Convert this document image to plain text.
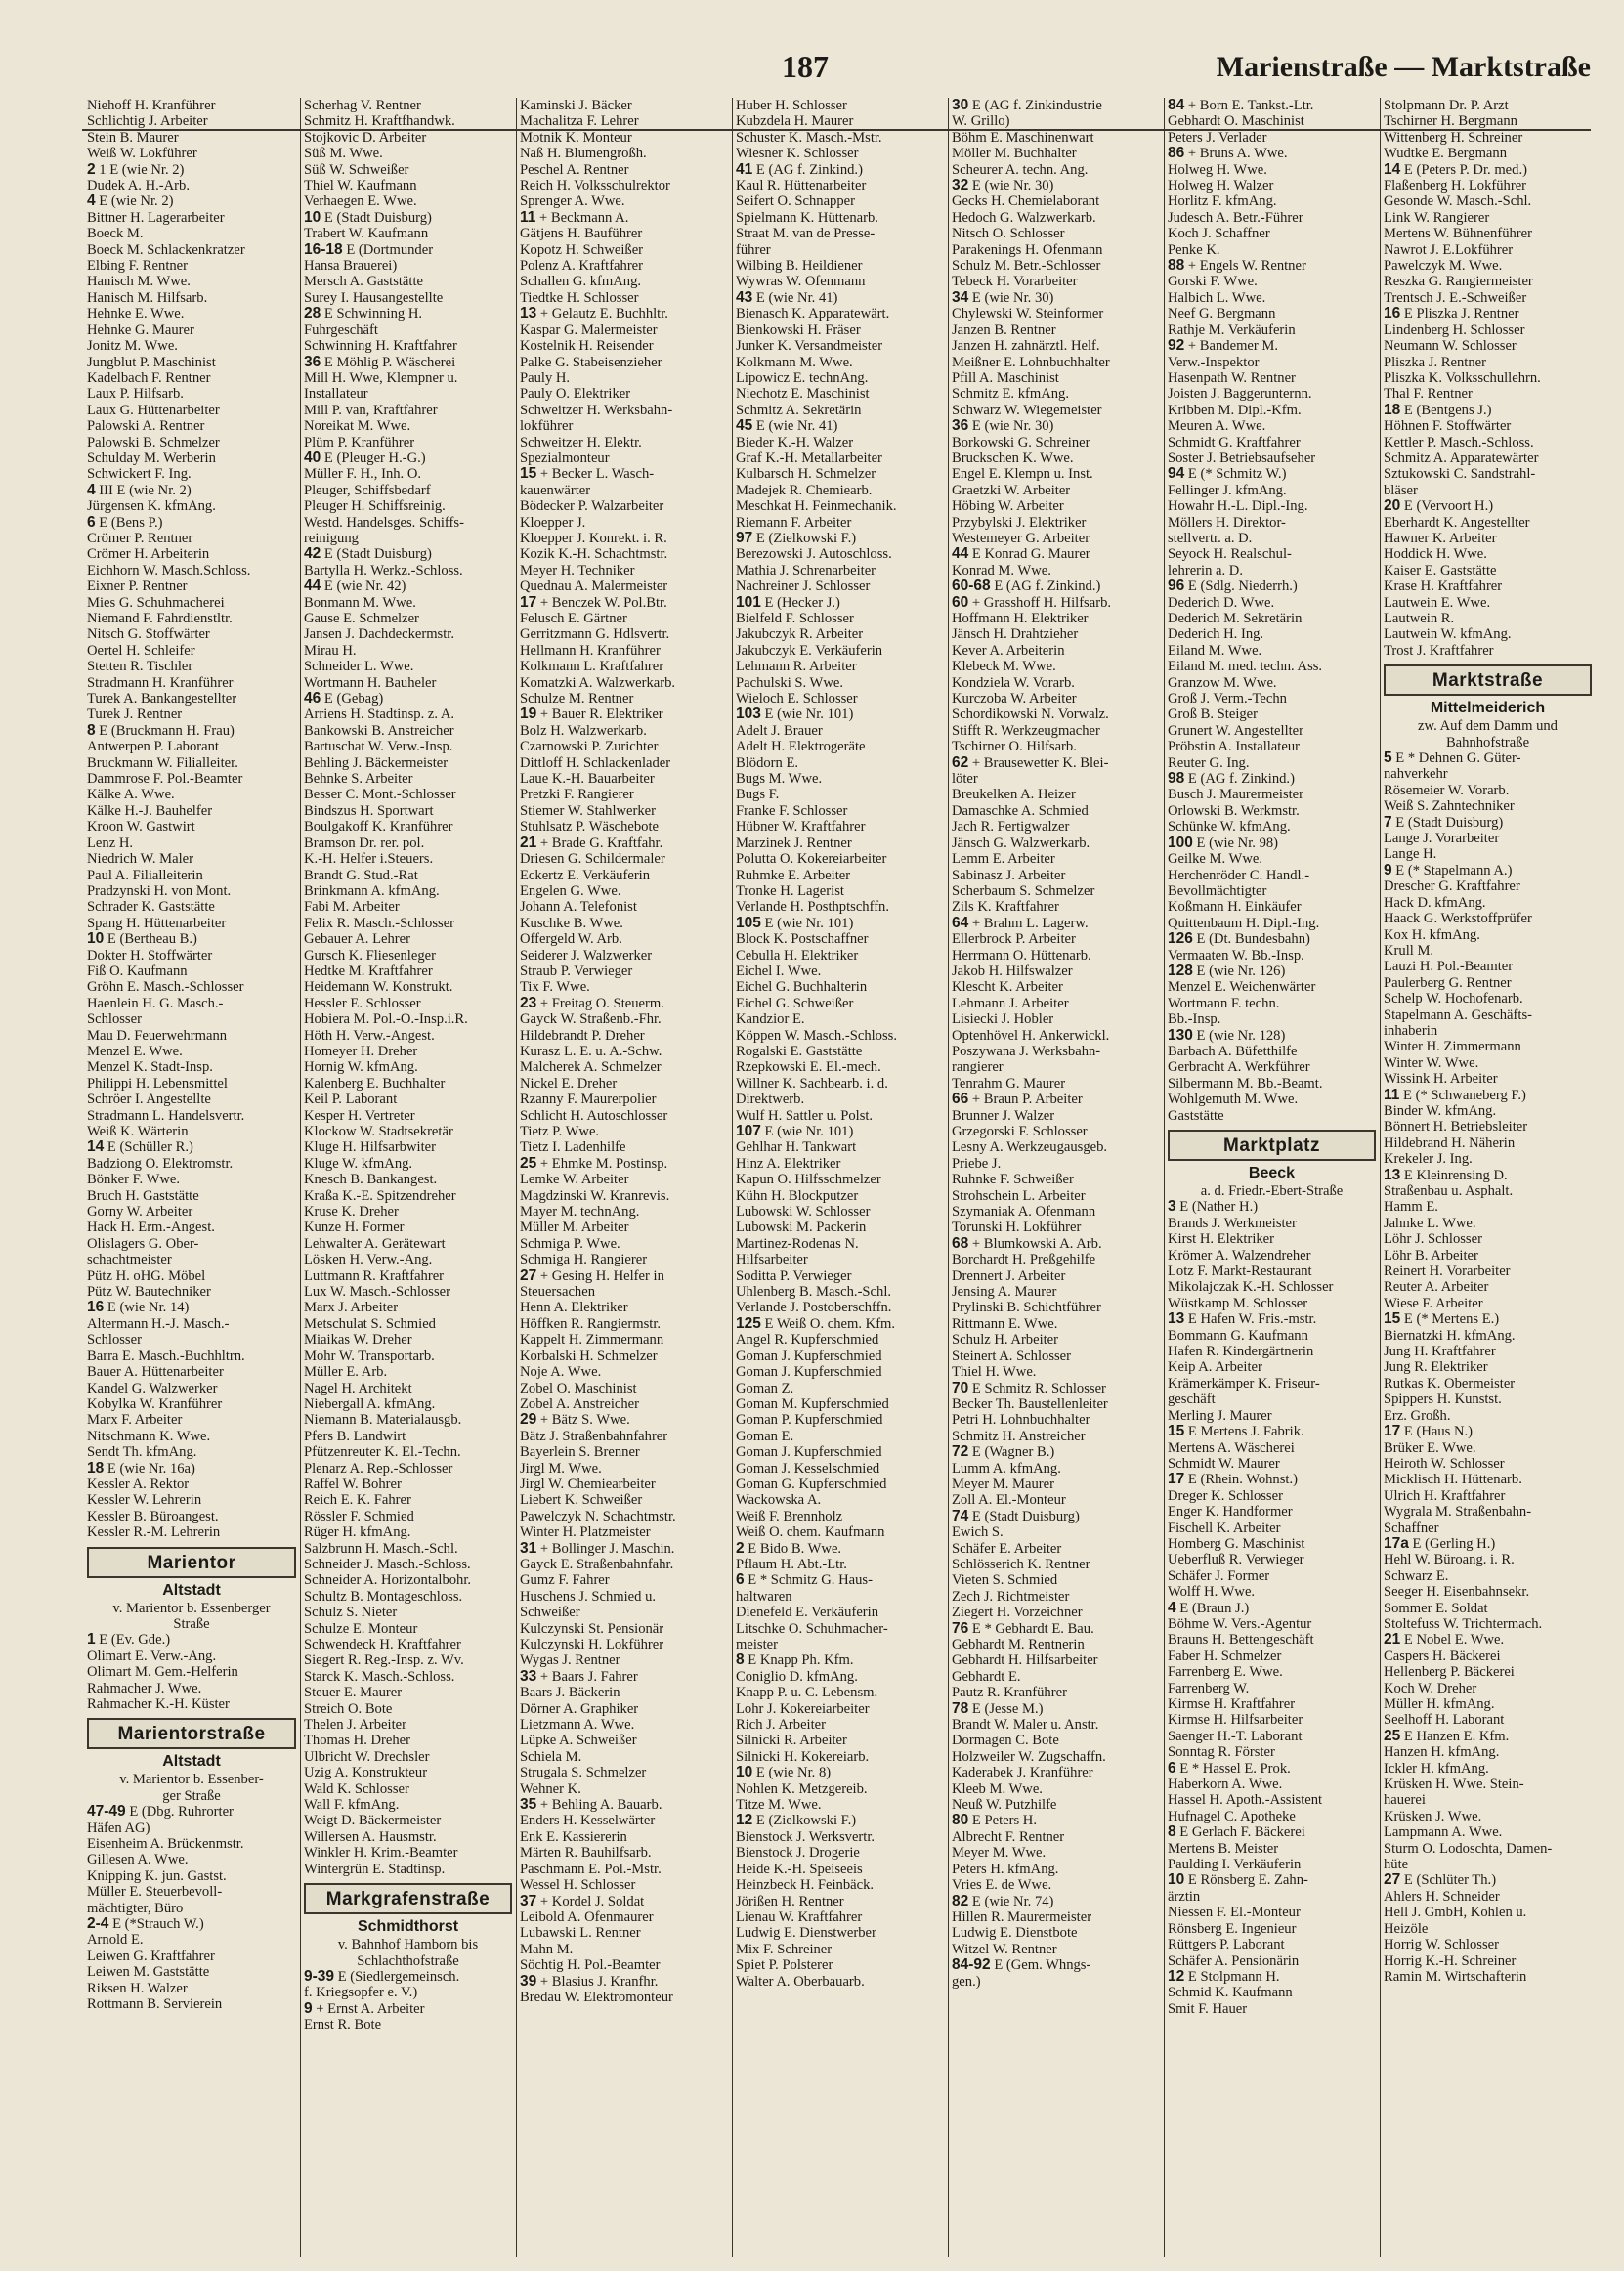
187	Marienstraße — Marktstraße
Niehoff H. Kranführer
Schlichtig J. Arbeiter
Stein B. Maurer
Weiß W. Lokführer
2 1 E (wie Nr. 2)
Dudek A. H.-Arb.
4 E (wie Nr. 2)
Bittner H. Lagerarbeiter
Boeck M.
Boeck M. Schlackenkratzer
Elbing F. Rentner
Hanisch M. Wwe.
Hanisch M. Hilfsarb.
Hehnke E. Wwe.
Hehnke G. Maurer
Jonitz M. Wwe.
Jungblut P. Maschinist
Kadelbach F. Rentner
Laux P. Hilfsarb.
Laux G. Hüttenarbeiter
Palowski A. Rentner
Palowski B. Schmelzer
Schulday M. Werberin
Schwickert F. Ing.
4 III E (wie Nr. 2)
Jürgensen K. kfmAng.
6 E (Bens P.)
Crömer P. Rentner
Crömer H. Arbeiterin
Eichhorn W. Masch.Schloss.
Eixner P. Rentner
Mies G. Schuhmacherei
Niemand F. Fahrdienstltr.
Nitsch G. Stoffwärter
Oertel H. Schleifer
Stetten R. Tischler
Stradmann H. Kranführer
Turek A. Bankangestellter
Turek J. Rentner
8 E (Bruckmann H. Frau)
Antwerpen P. Laborant
Bruckmann W. Filialleiter.
Dammrose F. Pol.-Beamter
Kälke A. Wwe.
Kälke H.-J. Bauhelfer
Kroon W. Gastwirt
Lenz H.
Niedrich W. Maler
Paul A. Filialleiterin
Pradzynski H. von Mont.
Schrader K. Gaststätte
Spang H. Hüttenarbeiter
10 E (Bertheau B.)
Dokter H. Stoffwärter
Fiß O. Kaufmann
Gröhn E. Masch.-Schlosser
Haenlein H. G. Masch.-
Schlosser
Mau D. Feuerwehrmann
Menzel E. Wwe.
Menzel K. Stadt-Insp.
Philippi H. Lebensmittel
Schröer I. Angestellte
Stradmann L. Handelsvertr.
Weiß K. Wärterin
14 E (Schüller R.)
Badziong O. Elektromstr.
Bönker F. Wwe.
Bruch H. Gaststätte
Gorny W. Arbeiter
Hack H. Erm.-Angest.
Olislagers G. Ober-
schachtmeister
Pütz H. oHG. Möbel
Pütz W. Bautechniker
16 E (wie Nr. 14)
Altermann H.-J. Masch.-
Schlosser
Barra E. Masch.-Buchhltrn.
Bauer A. Hüttenarbeiter
Kandel G. Walzwerker
Kobylka W. Kranführer
Marx F. Arbeiter
Nitschmann K. Wwe.
Sendt Th. kfmAng.
18 E (wie Nr. 16a)
Kessler A. Rektor
Kessler W. Lehrerin
Kessler B. Büroangest.
Kessler R.-M. Lehrerin
Marientor
Altstadt
v. Marientor b. Essenberger
Straße
1 E (Ev. Gde.)
Olimart E. Verw.-Ang.
Olimart M. Gem.-Helferin
Rahmacher J. Wwe.
Rahmacher K.-H. Küster
Marientorstraße
Altstadt
v. Marientor b. Essenber-
ger Straße
47-49 E (Dbg. Ruhrorter
Häfen AG)
Eisenheim A. Brückenmstr.
Gillesen A. Wwe.
Knipping K. jun. Gastst.
Müller E. Steuerbevoll-
mächtigter, Büro
2-4 E (*Strauch W.)
Arnold E.
Leiwen G. Kraftfahrer
Leiwen M. Gaststätte
Riksen H. Walzer
Rottmann B. Servierein
Scherhag V. Rentner
Schmitz H. Kraftfhandwk.
Stojkovic D. Arbeiter
Süß M. Wwe.
Süß W. Schweißer
Thiel W. Kaufmann
Verhaegen E. Wwe.
10 E (Stadt Duisburg)
Trabert W. Kaufmann
16-18 E (Dortmunder
Hansa Brauerei)
Mersch A. Gaststätte
Surey I. Hausangestellte
28 E Schwinning H.
Fuhrgeschäft
Schwinning H. Kraftfahrer
36 E Möhlig P. Wäscherei
Mill H. Wwe, Klempner u.
Installateur
Mill P. van, Kraftfahrer
Noreikat M. Wwe.
Plüm P. Kranführer
40 E (Pleuger H.-G.)
Müller F. H., Inh. O.
Pleuger, Schiffsbedarf
Pleuger H. Schiffsreinig.
Westd. Handelsges. Schiffs-
reinigung
42 E (Stadt Duisburg)
Bartylla H. Werkz.-Schloss.
44 E (wie Nr. 42)
Bonmann M. Wwe.
Gause E. Schmelzer
Jansen J. Dachdeckermstr.
Mirau H.
Schneider L. Wwe.
Wortmann H. Bauheler
46 E (Gebag)
Arriens H. Stadtinsp. z. A.
Bankowski B. Anstreicher
Bartuschat W. Verw.-Insp.
Behling J. Bäckermeister
Behnke S. Arbeiter
Besser C. Mont.-Schlosser
Bindszus H. Sportwart
Boulgakoff K. Kranführer
Bramson Dr. rer. pol.
K.-H. Helfer i.Steuers.
Brandt G. Stud.-Rat
Brinkmann A. kfmAng.
Fabi M. Arbeiter
Felix R. Masch.-Schlosser
Gebauer A. Lehrer
Gursch K. Fliesenleger
Hedtke M. Kraftfahrer
Heidemann W. Konstrukt.
Hessler E. Schlosser
Hobiera M. Pol.-O.-Insp.i.R.
Höth H. Verw.-Angest.
Homeyer H. Dreher
Hornig W. kfmAng.
Kalenberg E. Buchhalter
Keil P. Laborant
Kesper H. Vertreter
Klockow W. Stadtsekretär
Kluge H. Hilfsarbwiter
Kluge W. kfmAng.
Knesch B. Bankangest.
Kraßa K.-E. Spitzendreher
Kruse K. Dreher
Kunze H. Former
Lehwalter A. Gerätewart
Lösken H. Verw.-Ang.
Luttmann R. Kraftfahrer
Lux W. Masch.-Schlosser
Marx J. Arbeiter
Metschulat S. Schmied
Miaikas W. Dreher
Mohr W. Transportarb.
Müller E. Arb.
Nagel H. Architekt
Niebergall A. kfmAng.
Niemann B. Materialausgb.
Pfers B. Landwirt
Pfützenreuter K. El.-Techn.
Plenarz A. Rep.-Schlosser
Raffel W. Bohrer
Reich E. K. Fahrer
Rössler F. Schmied
Rüger H. kfmAng.
Salzbrunn H. Masch.-Schl.
Schneider J. Masch.-Schloss.
Schneider A. Horizontalbohr.
Schultz B. Montageschloss.
Schulz S. Nieter
Schulze E. Monteur
Schwendeck H. Kraftfahrer
Siegert R. Reg.-Insp. z. Wv.
Starck K. Masch.-Schloss.
Steuer E. Maurer
Streich O. Bote
Thelen J. Arbeiter
Thomas H. Dreher
Ulbricht W. Drechsler
Uzig A. Konstrukteur
Wald K. Schlosser
Wall F. kfmAng.
Weigt D. Bäckermeister
Willersen A. Hausmstr.
Winkler H. Krim.-Beamter
Wintergrün E. Stadtinsp.
Markgrafenstraße
Schmidthorst
v. Bahnhof Hamborn bis
Schlachthofstraße
9-39 E (Siedlergemeinsch.
f. Kriegsopfer e. V.)
9 + Ernst A. Arbeiter
Ernst R. Bote
Kaminski J. Bäcker
Machalitza F. Lehrer
Motnik K. Monteur
Naß H. Blumengroßh.
Peschel A. Rentner
Reich H. Volksschulrektor
Sprenger A. Wwe.
11 + Beckmann A.
Gätjens H. Bauführer
Kopotz H. Schweißer
Polenz A. Kraftfahrer
Schallen G. kfmAng.
Tiedtke H. Schlosser
13 + Gelautz E. Buchhltr.
Kaspar G. Malermeister
Kostelnik H. Reisender
Palke G. Stabeisenzieher
Pauly H.
Pauly O. Elektriker
Schweitzer H. Werksbahn-
lokführer
Schweitzer H. Elektr.
Spezialmonteur
15 + Becker L. Wasch-
kauenwärter
Bödecker P. Walzarbeiter
Kloepper J.
Kloepper J. Konrekt. i. R.
Kozik K.-H. Schachtmstr.
Meyer H. Techniker
Quednau A. Malermeister
17 + Benczek W. Pol.Btr.
Felusch E. Gärtner
Gerritzmann G. Hdlsvertr.
Hellmann H. Kranführer
Kolkmann L. Kraftfahrer
Komatzki A. Walzwerkarb.
Schulze M. Rentner
19 + Bauer R. Elektriker
Bolz H. Walzwerkarb.
Czarnowski P. Zurichter
Dittloff H. Schlackenlader
Laue K.-H. Bauarbeiter
Pretzki F. Rangierer
Stiemer W. Stahlwerker
Stuhlsatz P. Wäschebote
21 + Brade G. Kraftfahr.
Driesen G. Schildermaler
Eckertz E. Verkäuferin
Engelen G. Wwe.
Johann A. Telefonist
Kuschke B. Wwe.
Offergeld W. Arb.
Seiderer J. Walzwerker
Straub P. Verwieger
Tix F. Wwe.
23 + Freitag O. Steuerm.
Gayck W. Straßenb.-Fhr.
Hildebrandt P. Dreher
Kurasz L. E. u. A.-Schw.
Malcherek A. Schmelzer
Nickel E. Dreher
Rzanny F. Maurerpolier
Schlicht H. Autoschlosser
Tietz P. Wwe.
Tietz I. Ladenhilfe
25 + Ehmke M. Postinsp.
Lemke W. Arbeiter
Magdzinski W. Kranrevis.
Mayer M. technAng.
Müller M. Arbeiter
Schmiga P. Wwe.
Schmiga H. Rangierer
27 + Gesing H. Helfer in
Steuersachen
Henn A. Elektriker
Höffken R. Rangiermstr.
Kappelt H. Zimmermann
Korbalski H. Schmelzer
Noje A. Wwe.
Zobel O. Maschinist
Zobel A. Anstreicher
29 + Bätz S. Wwe.
Bätz J. Straßenbahnfahrer
Bayerlein S. Brenner
Jirgl M. Wwe.
Jirgl W. Chemiearbeiter
Liebert K. Schweißer
Pawelczyk N. Schachtmstr.
Winter H. Platzmeister
31 + Bollinger J. Maschin.
Gayck E. Straßenbahnfahr.
Gumz F. Fahrer
Huschens J. Schmied u.
Schweißer
Kulczynski St. Pensionär
Kulczynski H. Lokführer
Wygas J. Rentner
33 + Baars J. Fahrer
Baars J. Bäckerin
Dörner A. Graphiker
Lietzmann A. Wwe.
Lüpke A. Schweißer
Schiela M.
Strugala S. Schmelzer
Wehner K.
35 + Behling A. Bauarb.
Enders H. Kesselwärter
Enk E. Kassiererin
Märten R. Bauhilfsarb.
Paschmann E. Pol.-Mstr.
Wessel H. Schlosser
37 + Kordel J. Soldat
Leibold A. Ofenmaurer
Lubawski L. Rentner
Mahn M.
Söchtig H. Pol.-Beamter
39 + Blasius J. Kranfhr.
Bredau W. Elektromonteur
Huber H. Schlosser
Kubzdela H. Maurer
Schuster K. Masch.-Mstr.
Wiesner K. Schlosser
41 E (AG f. Zinkind.)
Kaul R. Hüttenarbeiter
Seifert O. Schnapper
Spielmann K. Hüttenarb.
Straat M. van de Presse-
führer
Wilbing B. Heildiener
Wywras W. Ofenmann
43 E (wie Nr. 41)
Bienasch K. Apparatewärt.
Bienkowski H. Fräser
Junker K. Versandmeister
Kolkmann M. Wwe.
Lipowicz E. technAng.
Niechotz E. Maschinist
Schmitz A. Sekretärin
45 E (wie Nr. 41)
Bieder K.-H. Walzer
Graf K.-H. Metallarbeiter
Kulbarsch H. Schmelzer
Madejek R. Chemiearb.
Meschkat H. Feinmechanik.
Riemann F. Arbeiter
97 E (Zielkowski F.)
Berezowski J. Autoschloss.
Mathia J. Schrenarbeiter
Nachreiner J. Schlosser
101 E (Hecker J.)
Bielfeld F. Schlosser
Jakubczyk R. Arbeiter
Jakubczyk E. Verkäuferin
Lehmann R. Arbeiter
Pachulski S. Wwe.
Wieloch E. Schlosser
103 E (wie Nr. 101)
Adelt J. Brauer
Adelt H. Elektrogeräte
Blödorn E.
Bugs M. Wwe.
Bugs F.
Franke F. Schlosser
Hübner W. Kraftfahrer
Marzinek J. Rentner
Polutta O. Kokereiarbeiter
Ruhmke E. Arbeiter
Tronke H. Lagerist
Verlande H. Posthptschffn.
105 E (wie Nr. 101)
Block K. Postschaffner
Cebulla H. Elektriker
Eichel I. Wwe.
Eichel G. Buchhalterin
Eichel G. Schweißer
Kandzior E.
Köppen W. Masch.-Schloss.
Rogalski E. Gaststätte
Rzepkowski E. El.-mech.
Willner K. Sachbearb. i. d.
Direktwerb.
Wulf H. Sattler u. Polst.
107 E (wie Nr. 101)
Gehlhar H. Tankwart
Hinz A. Elektriker
Kapun O. Hilfsschmelzer
Kühn H. Blockputzer
Lubowski W. Schlosser
Lubowski M. Packerin
Martinez-Rodenas N.
Hilfsarbeiter
Soditta P. Verwieger
Uhlenberg B. Masch.-Schl.
Verlande J. Postoberschffn.
125 E Weiß O. chem. Kfm.
Angel R. Kupferschmied
Goman J. Kupferschmied
Goman J. Kupferschmied
Goman Z.
Goman M. Kupferschmied
Goman P. Kupferschmied
Goman E.
Goman J. Kupferschmied
Goman J. Kesselschmied
Goman G. Kupferschmied
Wackowska A.
Weiß F. Brennholz
Weiß O. chem. Kaufmann
2 E Bido B. Wwe.
Pflaum H. Abt.-Ltr.
6 E * Schmitz G. Haus-
haltwaren
Dienefeld E. Verkäuferin
Litschke O. Schuhmacher-
meister
8 E Knapp Ph. Kfm.
Coniglio D. kfmAng.
Knapp P. u. C. Lebensm.
Lohr J. Kokereiarbeiter
Rich J. Arbeiter
Silnicki R. Arbeiter
Silnicki H. Kokereiarb.
10 E (wie Nr. 8)
Nohlen K. Metzgereib.
Titze M. Wwe.
12 E (Zielkowski F.)
Bienstock J. Werksvertr.
Bienstock J. Drogerie
Heide K.-H. Speiseeis
Heinzbeck H. Feinbäck.
Jörißen H. Rentner
Lienau W. Kraftfahrer
Ludwig E. Dienstwerber
Mix F. Schreiner
Spiet P. Polsterer
Walter A. Oberbauarb.
30 E (AG f. Zinkindustrie
W. Grillo)
Böhm E. Maschinenwart
Möller M. Buchhalter
Scheurer A. techn. Ang.
32 E (wie Nr. 30)
Gecks H. Chemielaborant
Hedoch G. Walzwerkarb.
Nitsch O. Schlosser
Parakenings H. Ofenmann
Schulz M. Betr.-Schlosser
Tebeck H. Vorarbeiter
34 E (wie Nr. 30)
Chylewski W. Steinformer
Janzen B. Rentner
Janzen H. zahnärztl. Helf.
Meißner E. Lohnbuchhalter
Pfill A. Maschinist
Schmitz E. kfmAng.
Schwarz W. Wiegemeister
36 E (wie Nr. 30)
Borkowski G. Schreiner
Bruckschen K. Wwe.
Engel E. Klempn u. Inst.
Graetzki W. Arbeiter
Höbing W. Arbeiter
Przybylski J. Elektriker
Westemeyer G. Arbeiter
44 E Konrad G. Maurer
Konrad M. Wwe.
60-68 E (AG f. Zinkind.)
60 + Grasshoff H. Hilfsarb.
Hoffmann H. Elektriker
Jänsch H. Drahtzieher
Kever A. Arbeiterin
Klebeck M. Wwe.
Kondziela W. Vorarb.
Kurczoba W. Arbeiter
Schordikowski N. Vorwalz.
Stifft R. Werkzeugmacher
Tschirner O. Hilfsarb.
62 + Brausewetter K. Blei-
löter
Breukelken A. Heizer
Damaschke A. Schmied
Jach R. Fertigwalzer
Jänsch G. Walzwerkarb.
Lemm E. Arbeiter
Sabinasz J. Arbeiter
Scherbaum S. Schmelzer
Zils K. Kraftfahrer
64 + Brahm L. Lagerw.
Ellerbrock P. Arbeiter
Herrmann O. Hüttenarb.
Jakob H. Hilfswalzer
Klescht K. Arbeiter
Lehmann J. Arbeiter
Lisiecki J. Hobler
Optenhövel H. Ankerwickl.
Poszywana J. Werksbahn-
rangierer
Tenrahm G. Maurer
66 + Braun P. Arbeiter
Brunner J. Walzer
Grzegorski F. Schlosser
Lesny A. Werkzeugausgeb.
Priebe J.
Ruhnke F. Schweißer
Strohschein L. Arbeiter
Szymaniak A. Ofenmann
Torunski H. Lokführer
68 + Blumkowski A. Arb.
Borchardt H. Preßgehilfe
Drennert J. Arbeiter
Jensing A. Maurer
Prylinski B. Schichtführer
Rittmann E. Wwe.
Schulz H. Arbeiter
Steinert A. Schlosser
Thiel H. Wwe.
70 E Schmitz R. Schlosser
Becker Th. Baustellenleiter
Petri H. Lohnbuchhalter
Schmitz H. Anstreicher
72 E (Wagner B.)
Lumm A. kfmAng.
Meyer M. Maurer
Zoll A. El.-Monteur
74 E (Stadt Duisburg)
Ewich S.
Schäfer E. Arbeiter
Schlösserich K. Rentner
Vieten S. Schmied
Zech J. Richtmeister
Ziegert H. Vorzeichner
76 E * Gebhardt E. Bau.
Gebhardt M. Rentnerin
Gebhardt H. Hilfsarbeiter
Gebhardt E.
Pautz R. Kranführer
78 E (Jesse M.)
Brandt W. Maler u. Anstr.
Dormagen C. Bote
Holzweiler W. Zugschaffn.
Kaderabek J. Kranführer
Kleeb M. Wwe.
Neuß W. Putzhilfe
80 E Peters H.
Albrecht F. Rentner
Meyer M. Wwe.
Peters H. kfmAng.
Vries E. de Wwe.
82 E (wie Nr. 74)
Hillen R. Maurermeister
Ludwig E. Dienstbote
Witzel W. Rentner
84-92 E (Gem. Whngs-
gen.)
84 + Born E. Tankst.-Ltr.
Gebhardt O. Maschinist
Peters J. Verlader
86 + Bruns A. Wwe.
Holweg H. Wwe.
Holweg H. Walzer
Horlitz F. kfmAng.
Judesch A. Betr.-Führer
Koch J. Schaffner
Penke K.
88 + Engels W. Rentner
Gorski F. Wwe.
Halbich L. Wwe.
Neef G. Bergmann
Rathje M. Verkäuferin
92 + Bandemer M.
Verw.-Inspektor
Hasenpath W. Rentner
Joisten J. Baggerunternn.
Kribben M. Dipl.-Kfm.
Meuren A. Wwe.
Schmidt G. Kraftfahrer
Soster J. Betriebsaufseher
94 E (* Schmitz W.)
Fellinger J. kfmAng.
Howahr H.-L. Dipl.-Ing.
Möllers H. Direktor-
stellvertr. a. D.
Seyock H. Realschul-
lehrerin a. D.
96 E (Sdlg. Niederrh.)
Dederich D. Wwe.
Dederich M. Sekretärin
Dederich H. Ing.
Eiland M. Wwe.
Eiland M. med. techn. Ass.
Granzow M. Wwe.
Groß J. Verm.-Techn
Groß B. Steiger
Grunert W. Angestellter
Pröbstin A. Installateur
Reuter G. Ing.
98 E (AG f. Zinkind.)
Busch J. Maurermeister
Orlowski B. Werkmstr.
Schünke W. kfmAng.
100 E (wie Nr. 98)
Geilke M. Wwe.
Herchenröder C. Handl.-
Bevollmächtigter
Koßmann H. Einkäufer
Quittenbaum H. Dipl.-Ing.
126 E (Dt. Bundesbahn)
Vermaaten W. Bb.-Insp.
128 E (wie Nr. 126)
Menzel E. Weichenwärter
Wortmann F. techn.
Bb.-Insp.
130 E (wie Nr. 128)
Barbach A. Büfetthilfe
Gerbracht A. Werkführer
Silbermann M. Bb.-Beamt.
Wohlgemuth M. Wwe.
Gaststätte
Marktplatz
Beeck
a. d. Friedr.-Ebert-Straße
3 E (Nather H.)
Brands J. Werkmeister
Kirst H. Elektriker
Krömer A. Walzendreher
Lotz F. Markt-Restaurant
Mikolajczak K.-H. Schlosser
Wüstkamp M. Schlosser
13 E Hafen W. Fris.-mstr.
Bommann G. Kaufmann
Hafen R. Kindergärtnerin
Keip A. Arbeiter
Krämerkämper K. Friseur-
geschäft
Merling J. Maurer
15 E Mertens J. Fabrik.
Mertens A. Wäscherei
Schmidt W. Maurer
17 E (Rhein. Wohnst.)
Dreger K. Schlosser
Enger K. Handformer
Fischell K. Arbeiter
Homberg G. Maschinist
Ueberfluß R. Verwieger
Schäfer J. Former
Wolff H. Wwe.
4 E (Braun J.)
Böhme W. Vers.-Agentur
Brauns H. Bettengeschäft
Faber H. Schmelzer
Farrenberg E. Wwe.
Farrenberg W.
Kirmse H. Kraftfahrer
Kirmse H. Hilfsarbeiter
Saenger H.-T. Laborant
Sonntag R. Förster
6 E * Hassel E. Prok.
Haberkorn A. Wwe.
Hassel H. Apoth.-Assistent
Hufnagel C. Apotheke
8 E Gerlach F. Bäckerei
Mertens B. Meister
Paulding I. Verkäuferin
10 E Rönsberg E. Zahn-
ärztin
Niessen F. El.-Monteur
Rönsberg E. Ingenieur
Rüttgers P. Laborant
Schäfer A. Pensionärin
12 E Stolpmann H.
Schmid K. Kaufmann
Smit F. Hauer
Stolpmann Dr. P. Arzt
Tschirner H. Bergmann
Wittenberg H. Schreiner
Wudtke E. Bergmann
14 E (Peters P. Dr. med.)
Flaßenberg H. Lokführer
Gesonde W. Masch.-Schl.
Link W. Rangierer
Mertens W. Bühnenführer
Nawrot J. E.Lokführer
Pawelczyk M. Wwe.
Reszka G. Rangiermeister
Trentsch J. E.-Schweißer
16 E Pliszka J. Rentner
Lindenberg H. Schlosser
Neumann W. Schlosser
Pliszka J. Rentner
Pliszka K. Volksschullehrn.
Thal F. Rentner
18 E (Bentgens J.)
Höhnen F. Stoffwärter
Kettler P. Masch.-Schloss.
Schmitz A. Apparatewärter
Sztukowski C. Sandstrahl-
bläser
20 E (Vervoort H.)
Eberhardt K. Angestellter
Hawner K. Arbeiter
Hoddick H. Wwe.
Kaiser E. Gaststätte
Krase H. Kraftfahrer
Lautwein E. Wwe.
Lautwein R.
Lautwein W. kfmAng.
Trost J. Kraftfahrer
Marktstraße
Mittelmeiderich
zw. Auf dem Damm und
Bahnhofstraße
5 E * Dehnen G. Güter-
nahverkehr
Rösemeier W. Vorarb.
Weiß S. Zahntechniker
7 E (Stadt Duisburg)
Lange J. Vorarbeiter
Lange H.
9 E (* Stapelmann A.)
Drescher G. Kraftfahrer
Hack D. kfmAng.
Haack G. Werkstoffprüfer
Kox H. kfmAng.
Krull M.
Lauzi H. Pol.-Beamter
Paulerberg G. Rentner
Schelp W. Hochofenarb.
Stapelmann A. Geschäfts-
inhaberin
Winter H. Zimmermann
Winter W. Wwe.
Wissink H. Arbeiter
11 E (* Schwaneberg F.)
Binder W. kfmAng.
Bönnert H. Betriebsleiter
Hildebrand H. Näherin
Krekeler J. Ing.
13 E Kleinrensing D.
Straßenbau u. Asphalt.
Hamm E.
Jahnke L. Wwe.
Löhr J. Schlosser
Löhr B. Arbeiter
Reinert H. Vorarbeiter
Reuter A. Arbeiter
Wiese F. Arbeiter
15 E (* Mertens E.)
Biernatzki H. kfmAng.
Jung H. Kraftfahrer
Jung R. Elektriker
Rutkas K. Obermeister
Spippers H. Kunstst.
Erz. Großh.
17 E (Haus N.)
Brüker E. Wwe.
Heiroth W. Schlosser
Micklisch H. Hüttenarb.
Ulrich H. Kraftfahrer
Wygrala M. Straßenbahn-
Schaffner
17a E (Gerling H.)
Hehl W. Büroang. i. R.
Schwarz E.
Seeger H. Eisenbahnsekr.
Sommer E. Soldat
Stoltefuss W. Trichtermach.
21 E Nobel E. Wwe.
Caspers H. Bäckerei
Hellenberg P. Bäckerei
Koch W. Dreher
Müller H. kfmAng.
Seelhoff H. Laborant
25 E Hanzen E. Kfm.
Hanzen H. kfmAng.
Ickler H. kfmAng.
Krüsken H. Wwe. Stein-
hauerei
Krüsken J. Wwe.
Lampmann A. Wwe.
Sturm O. Lodoschta, Damen-
hüte
27 E (Schlüter Th.)
Ahlers H. Schneider
Hell J. GmbH, Kohlen u.
Heizöle
Horrig W. Schlosser
Horrig K.-H. Schreiner
Ramin M. Wirtschafterin
